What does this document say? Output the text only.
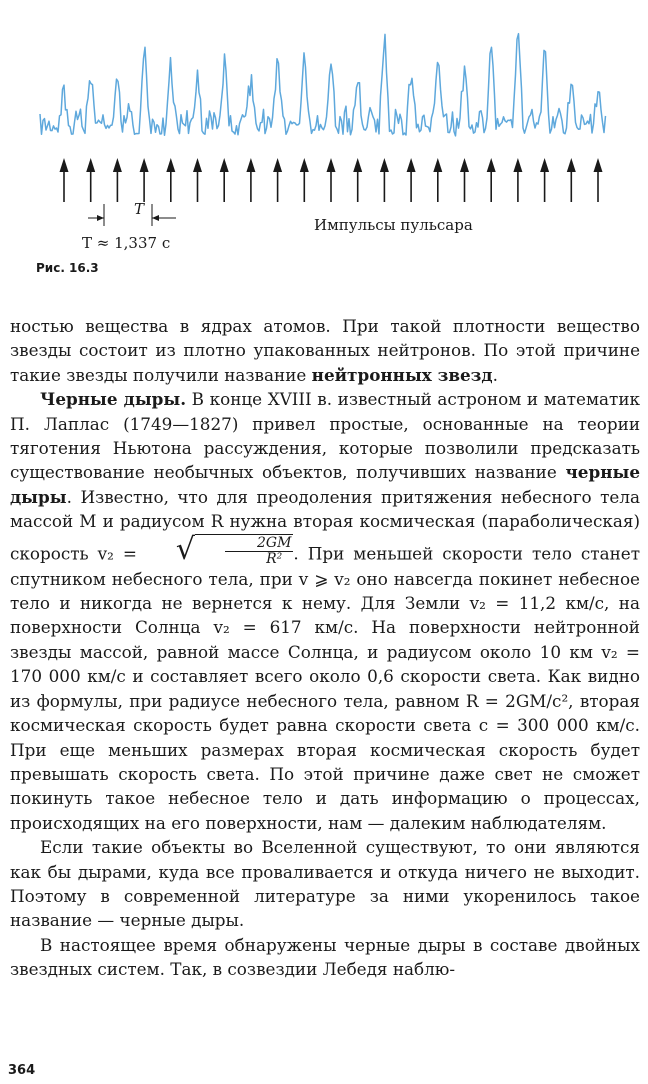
T
T ≈ 1,337 с
Импульсы пульсара
Рис. 16.3

ностью вещества в ядрах атомов. При такой плотности вещество звезды состоит из плотно упакованных нейтронов. По этой причине такие звезды получили название нейтронных звезд.

Черные дыры. В конце XVIII в. известный астроном и математик П. Лаплас (1749—1827) привел простые, основанные на теории тяготения Ньютона рассуждения, которые позволили предсказать существование необычных объектов, получивших название черные дыры. Известно, что для преодоления притяжения небесного тела массой M и радиусом R нужна вторая космическая (параболическая) скорость v₂ =	√ $\frac{2GM}{\text{R²}}$ . При меньшей скорости тело станет спутником небесного тела, при v ⩾ v₂ оно навсегда покинет небесное тело и никогда не вернется к нему. Для Земли v₂ = 11,2 км/с, на поверхности Солнца v₂ = 617 км/с. На поверхности нейтронной звезды массой, равной массе Солнца, и радиусом около 10 км v₂ = 170 000 км/с и составляет всего около 0,6 скорости света. Как видно из формулы, при радиусе небесного тела, равном R = 2GM/c², вторая космическая скорость будет равна скорости света c = 300 000 км/с. При еще меньших размерах вторая космическая скорость будет превышать скорость света. По этой причине даже свет не сможет покинуть такое небесное тело и дать информацию о процессах, происходящих на его поверхности, нам — далеким наблюдателям.

Если такие объекты во Вселенной существуют, то они являются как бы дырами, куда все проваливается и откуда ничего не выходит. Поэтому в современной литературе за ними укоренилось такое название — черные дыры.

В настоящее время обнаружены черные дыры в составе двойных звездных систем. Так, в созвездии Лебедя наблю-

364
